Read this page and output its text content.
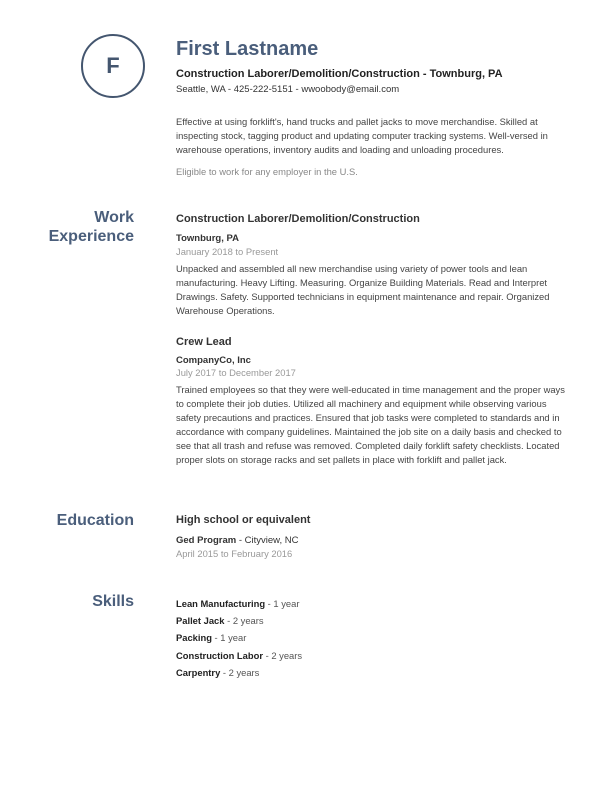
F
First Lastname
Construction Laborer/Demolition/Construction - Townburg, PA
Seattle, WA - 425-222-5151 - wwoobody@email.com
Effective at using forklift's, hand trucks and pallet jacks to move merchandise. Skilled at inspecting stock, tagging product and updating computer tracking systems. Well-versed in warehouse operations, inventory audits and loading and unloading procedures.
Eligible to work for any employer in the U.S.
Work
Experience
Construction Laborer/Demolition/Construction
Townburg, PA
January 2018 to Present
Unpacked and assembled all new merchandise using variety of power tools and lean manufacturing. Heavy Lifting. Measuring. Organize Building Materials. Read and Interpret Drawings. Safety. Supported technicians in equipment maintenance and repair. Organized Warehouse Operations.
Crew Lead
CompanyCo, Inc
July 2017 to December 2017
Trained employees so that they were well-educated in time management and the proper ways to complete their job duties. Utilized all machinery and equipment while observing various safety precautions and practices. Ensured that job tasks were completed to standards and in accordance with company guidelines. Maintained the job site on a daily basis and checked to see that all trash and refuse was removed. Completed daily forklift safety checklists. Located proper slots on storage racks and set pallets in place with forklift and pallet jack.
Education	High school or equivalent
Ged Program - Cityview, NC
April 2015 to February 2016
Skills	Lean Manufacturing - 1 year
Pallet Jack - 2 years
Packing - 1 year
Construction Labor - 2 years
Carpentry - 2 years
